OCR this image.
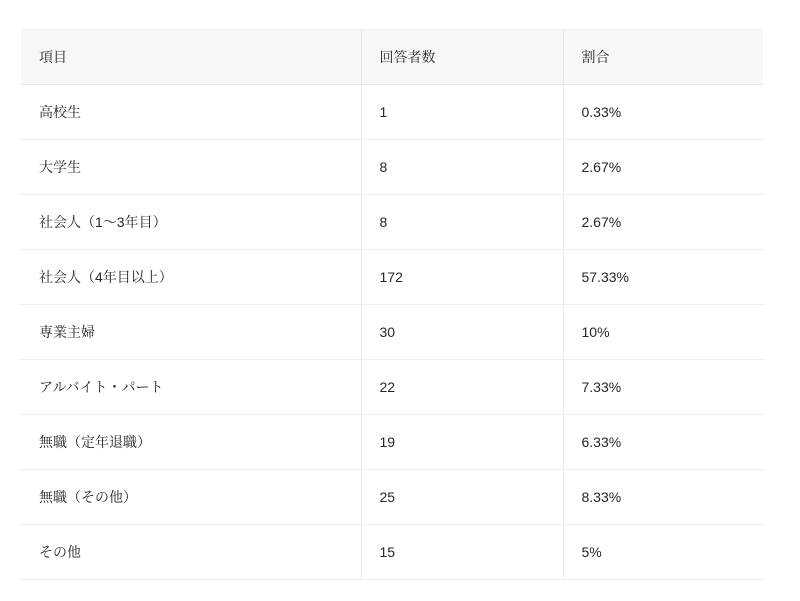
項目	回答者数	割合
高校生	1	0.33%
大学生	8	2.67%
社会人（1〜3年目）	8	2.67%
社会人（4年目以上）	172	57.33%
専業主婦	30	10%
アルバイト・パート	22	7.33%
無職（定年退職）	19	6.33%
無職（その他）	25	8.33%
その他	15	5%
